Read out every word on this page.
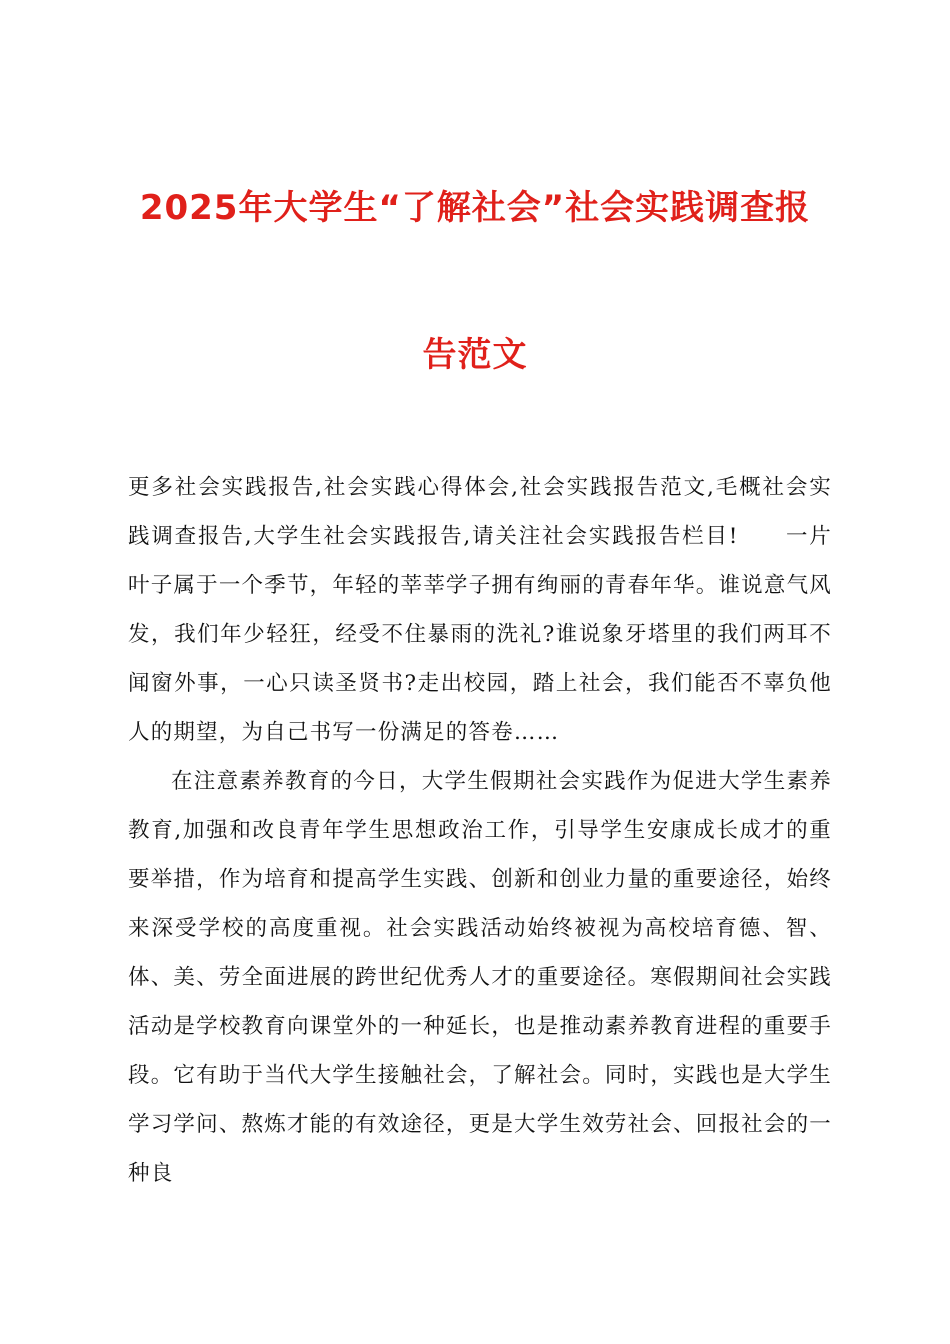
2025年大学生“了解社会”社会实践调查报
告范文

更多社会实践报告,社会实践心得体会,社会实践报告范文,毛概社会实践调查报告,大学生社会实践报告,请关注社会实践报告栏目!　　一片叶子属于一个季节，年轻的莘莘学子拥有绚丽的青春年华。谁说意气风发，我们年少轻狂，经受不住暴雨的洗礼?谁说象牙塔里的我们两耳不闻窗外事，一心只读圣贤书?走出校园，踏上社会，我们能否不辜负他人的期望，为自己书写一份满足的答卷……

在注意素养教育的今日，大学生假期社会实践作为促进大学生素养教育,加强和改良青年学生思想政治工作，引导学生安康成长成才的重要举措，作为培育和提高学生实践、创新和创业力量的重要途径，始终来深受学校的高度重视。社会实践活动始终被视为高校培育德、智、体、美、劳全面进展的跨世纪优秀人才的重要途径。寒假期间社会实践活动是学校教育向课堂外的一种延长，也是推动素养教育进程的重要手段。它有助于当代大学生接触社会，了解社会。同时，实践也是大学生学习学问、熬炼才能的有效途径，更是大学生效劳社会、回报社会的一种良
